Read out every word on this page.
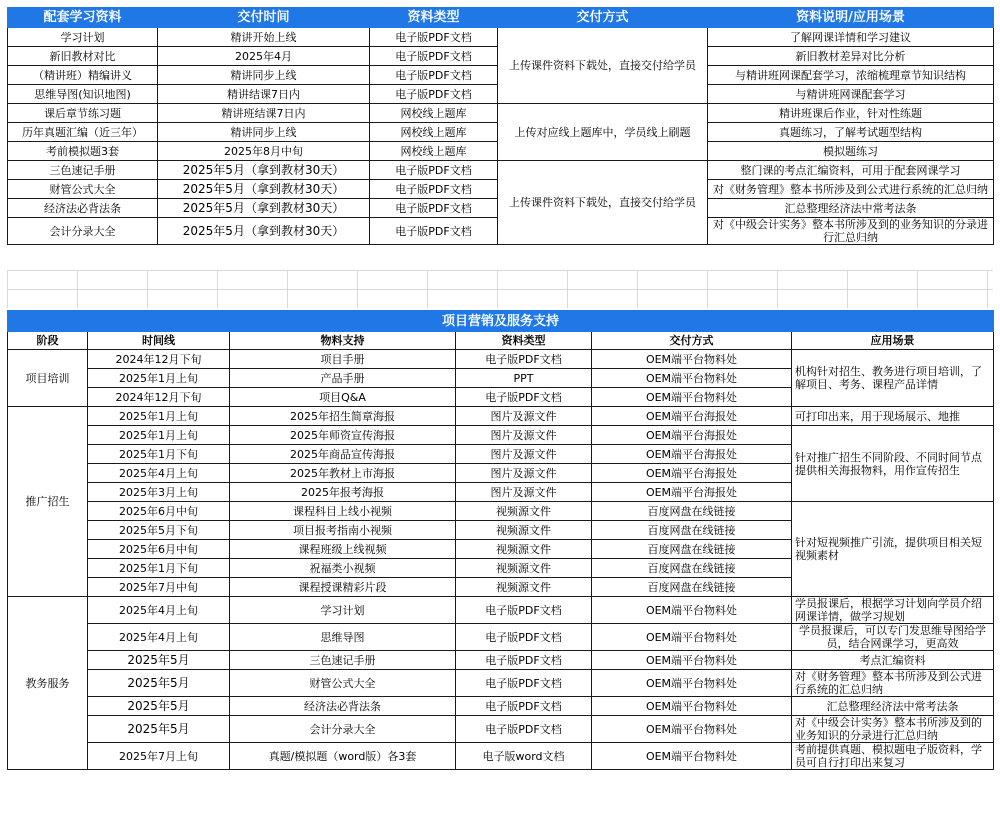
配套学习资料	交付时间	资料类型	交付方式	资料说明/应用场景
学习计划	精讲开始上线	电子版PDF文档	上传课件资料下载处，直接交付给学员	了解网课详情和学习建议
新旧教材对比	2025年4月	电子版PDF文档		新旧教材差异对比分析
（精讲班）精编讲义	精讲同步上线	电子版PDF文档		与精讲班网课配套学习，浓缩梳理章节知识结构
思维导图(知识地图)	精讲结课7日内	电子版PDF文档		与精讲班网课配套学习
课后章节练习题	精讲班结课7日内	网校线上题库	上传对应线上题库中，学员线上刷题	精讲班课后作业，针对性练题
历年真题汇编（近三年）	精讲同步上线	网校线上题库		真题练习，了解考试题型结构
考前模拟题3套	2025年8月中旬	网校线上题库		模拟题练习
三色速记手册	2025年5月（拿到教材30天）	电子版PDF文档	上传课件资料下载处，直接交付给学员	整门课的考点汇编资料，可用于配套网课学习
财管公式大全	2025年5月（拿到教材30天）	电子版PDF文档		对《财务管理》整本书所涉及到公式进行系统的汇总归纳
经济法必背法条	2025年5月（拿到教材30天）	电子版PDF文档		汇总整理经济法中常考法条
会计分录大全	2025年5月（拿到教材30天）	电子版PDF文档		对《中级会计实务》整本书所涉及到的业务知识的分录进行汇总归纳
项目营销及服务支持					
阶段	时间线	物料支持	资料类型	交付方式	应用场景
项目培训	2024年12月下旬	项目手册	电子版PDF文档	OEM端平台物料处	机构针对招生、教务进行项目培训，了解项目、考务、课程产品详情
	2025年1月上旬	产品手册	PPT	OEM端平台物料处	
	2024年12月下旬	项目Q&A	电子版PDF文档	OEM端平台物料处	
推广招生	2025年1月上旬	2025年招生简章海报	图片及源文件	OEM端平台海报处	可打印出来，用于现场展示、地推
	2025年1月上旬	2025年师资宣传海报	图片及源文件	OEM端平台海报处	针对推广招生不同阶段、不同时间节点提供相关海报物料，用作宣传招生
	2025年1月下旬	2025年商品宣传海报	图片及源文件	OEM端平台海报处	
	2025年4月上旬	2025年教材上市海报	图片及源文件	OEM端平台海报处	
	2025年3月上旬	2025年报考海报	图片及源文件	OEM端平台海报处	
	2025年6月中旬	课程科目上线小视频	视频源文件	百度网盘在线链接	针对短视频推广引流，提供项目相关短视频素材
	2025年5月下旬	项目报考指南小视频	视频源文件	百度网盘在线链接	
	2025年6月中旬	课程班级上线视频	视频源文件	百度网盘在线链接	
	2025年1月下旬	祝福类小视频	视频源文件	百度网盘在线链接	
	2025年7月中旬	课程授课精彩片段	视频源文件	百度网盘在线链接	
教务服务	2025年4月上旬	学习计划	电子版PDF文档	OEM端平台物料处	学员报课后，根据学习计划向学员介绍网课详情，做学习规划
	2025年4月上旬	思维导图	电子版PDF文档	OEM端平台物料处	学员报课后，可以专门发思维导图给学员，结合网课学习，更高效
	2025年5月	三色速记手册	电子版PDF文档	OEM端平台物料处	考点汇编资料
	2025年5月	财管公式大全	电子版PDF文档	OEM端平台物料处	对《财务管理》整本书所涉及到公式进行系统的汇总归纳
	2025年5月	经济法必背法条	电子版PDF文档	OEM端平台物料处	汇总整理经济法中常考法条
	2025年5月	会计分录大全	电子版PDF文档	OEM端平台物料处	对《中级会计实务》整本书所涉及到的业务知识的分录进行汇总归纳
	2025年7月上旬	真题/模拟题（word版）各3套	电子版word文档	OEM端平台物料处	考前提供真题、模拟题电子版资料，学员可自行打印出来复习
